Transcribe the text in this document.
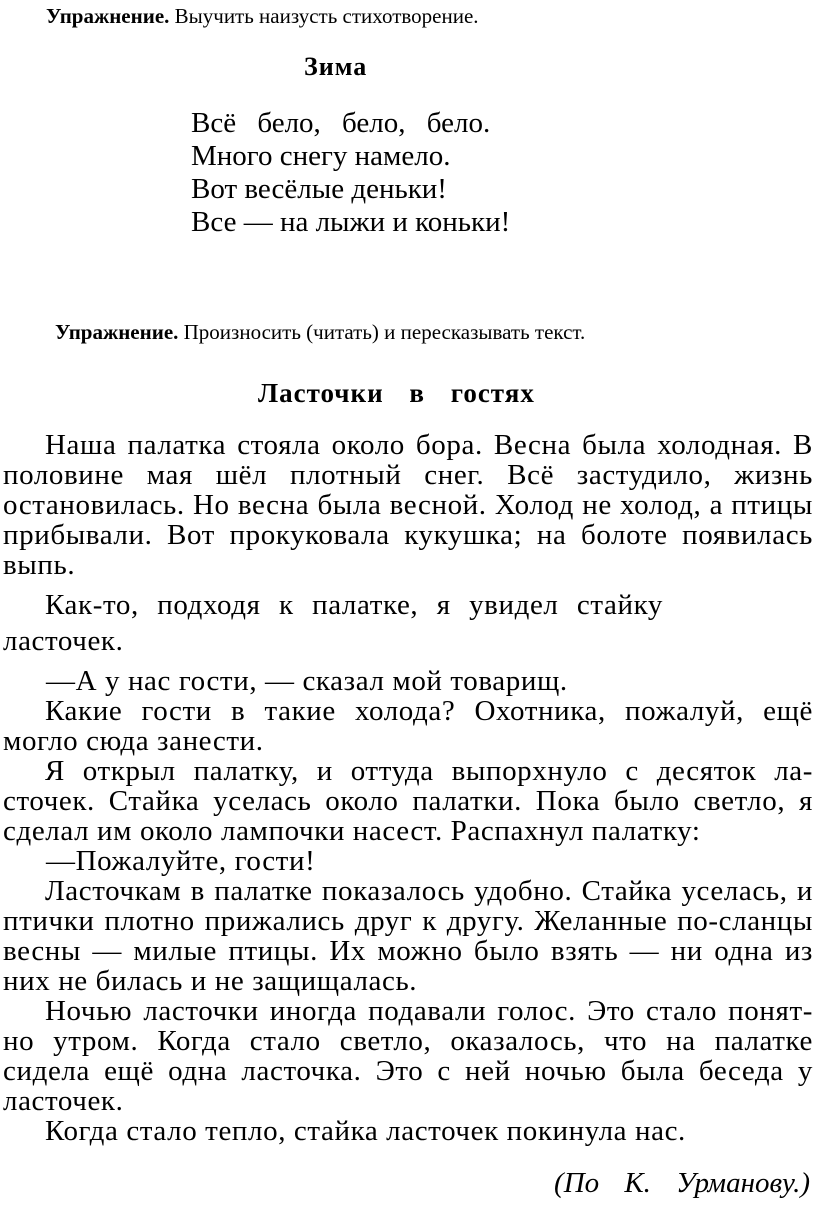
Упражнение. Выучить наизусть стихотворение.
Зима
Всё бело, бело, бело.
Много снегу намело.
Вот весёлые деньки!
Все — на лыжи и коньки!
Упражнение. Произносить (читать) и пересказывать текст.
Ласточки в гостях

Наша палатка стояла около бора. Весна была холодная. В половине мая шёл плотный снег. Всё застудило, жизнь остановилась. Но весна была весной. Холод не холод, а птицы прибывали. Вот прокуковала кукушка; на болоте появилась выпь.

Как-то, подходя к палатке, я увидел стайку ласточек.

—А у нас гости, — сказал мой товарищ.

Какие гости в такие холода? Охотника, пожалуй, ещё могло сюда занести.

Я открыл палатку, и оттуда выпорхнуло с десяток ла-сточек. Стайка уселась около палатки. Пока было светло, я сделал им около лампочки насест. Распахнул палатку:

—Пожалуйте, гости!

Ласточкам в палатке показалось удобно. Стайка уселась, и птички плотно прижались друг к другу. Желанные по-сланцы весны — милые птицы. Их можно было взять — ни одна из них не билась и не защищалась.

Ночью ласточки иногда подавали голос. Это стало понят-но утром. Когда стало светло, оказалось, что на палатке сидела ещё одна ласточка. Это с ней ночью была беседа у ласточек.

Когда стало тепло, стайка ласточек покинула нас.

(По К. Урманову.)
